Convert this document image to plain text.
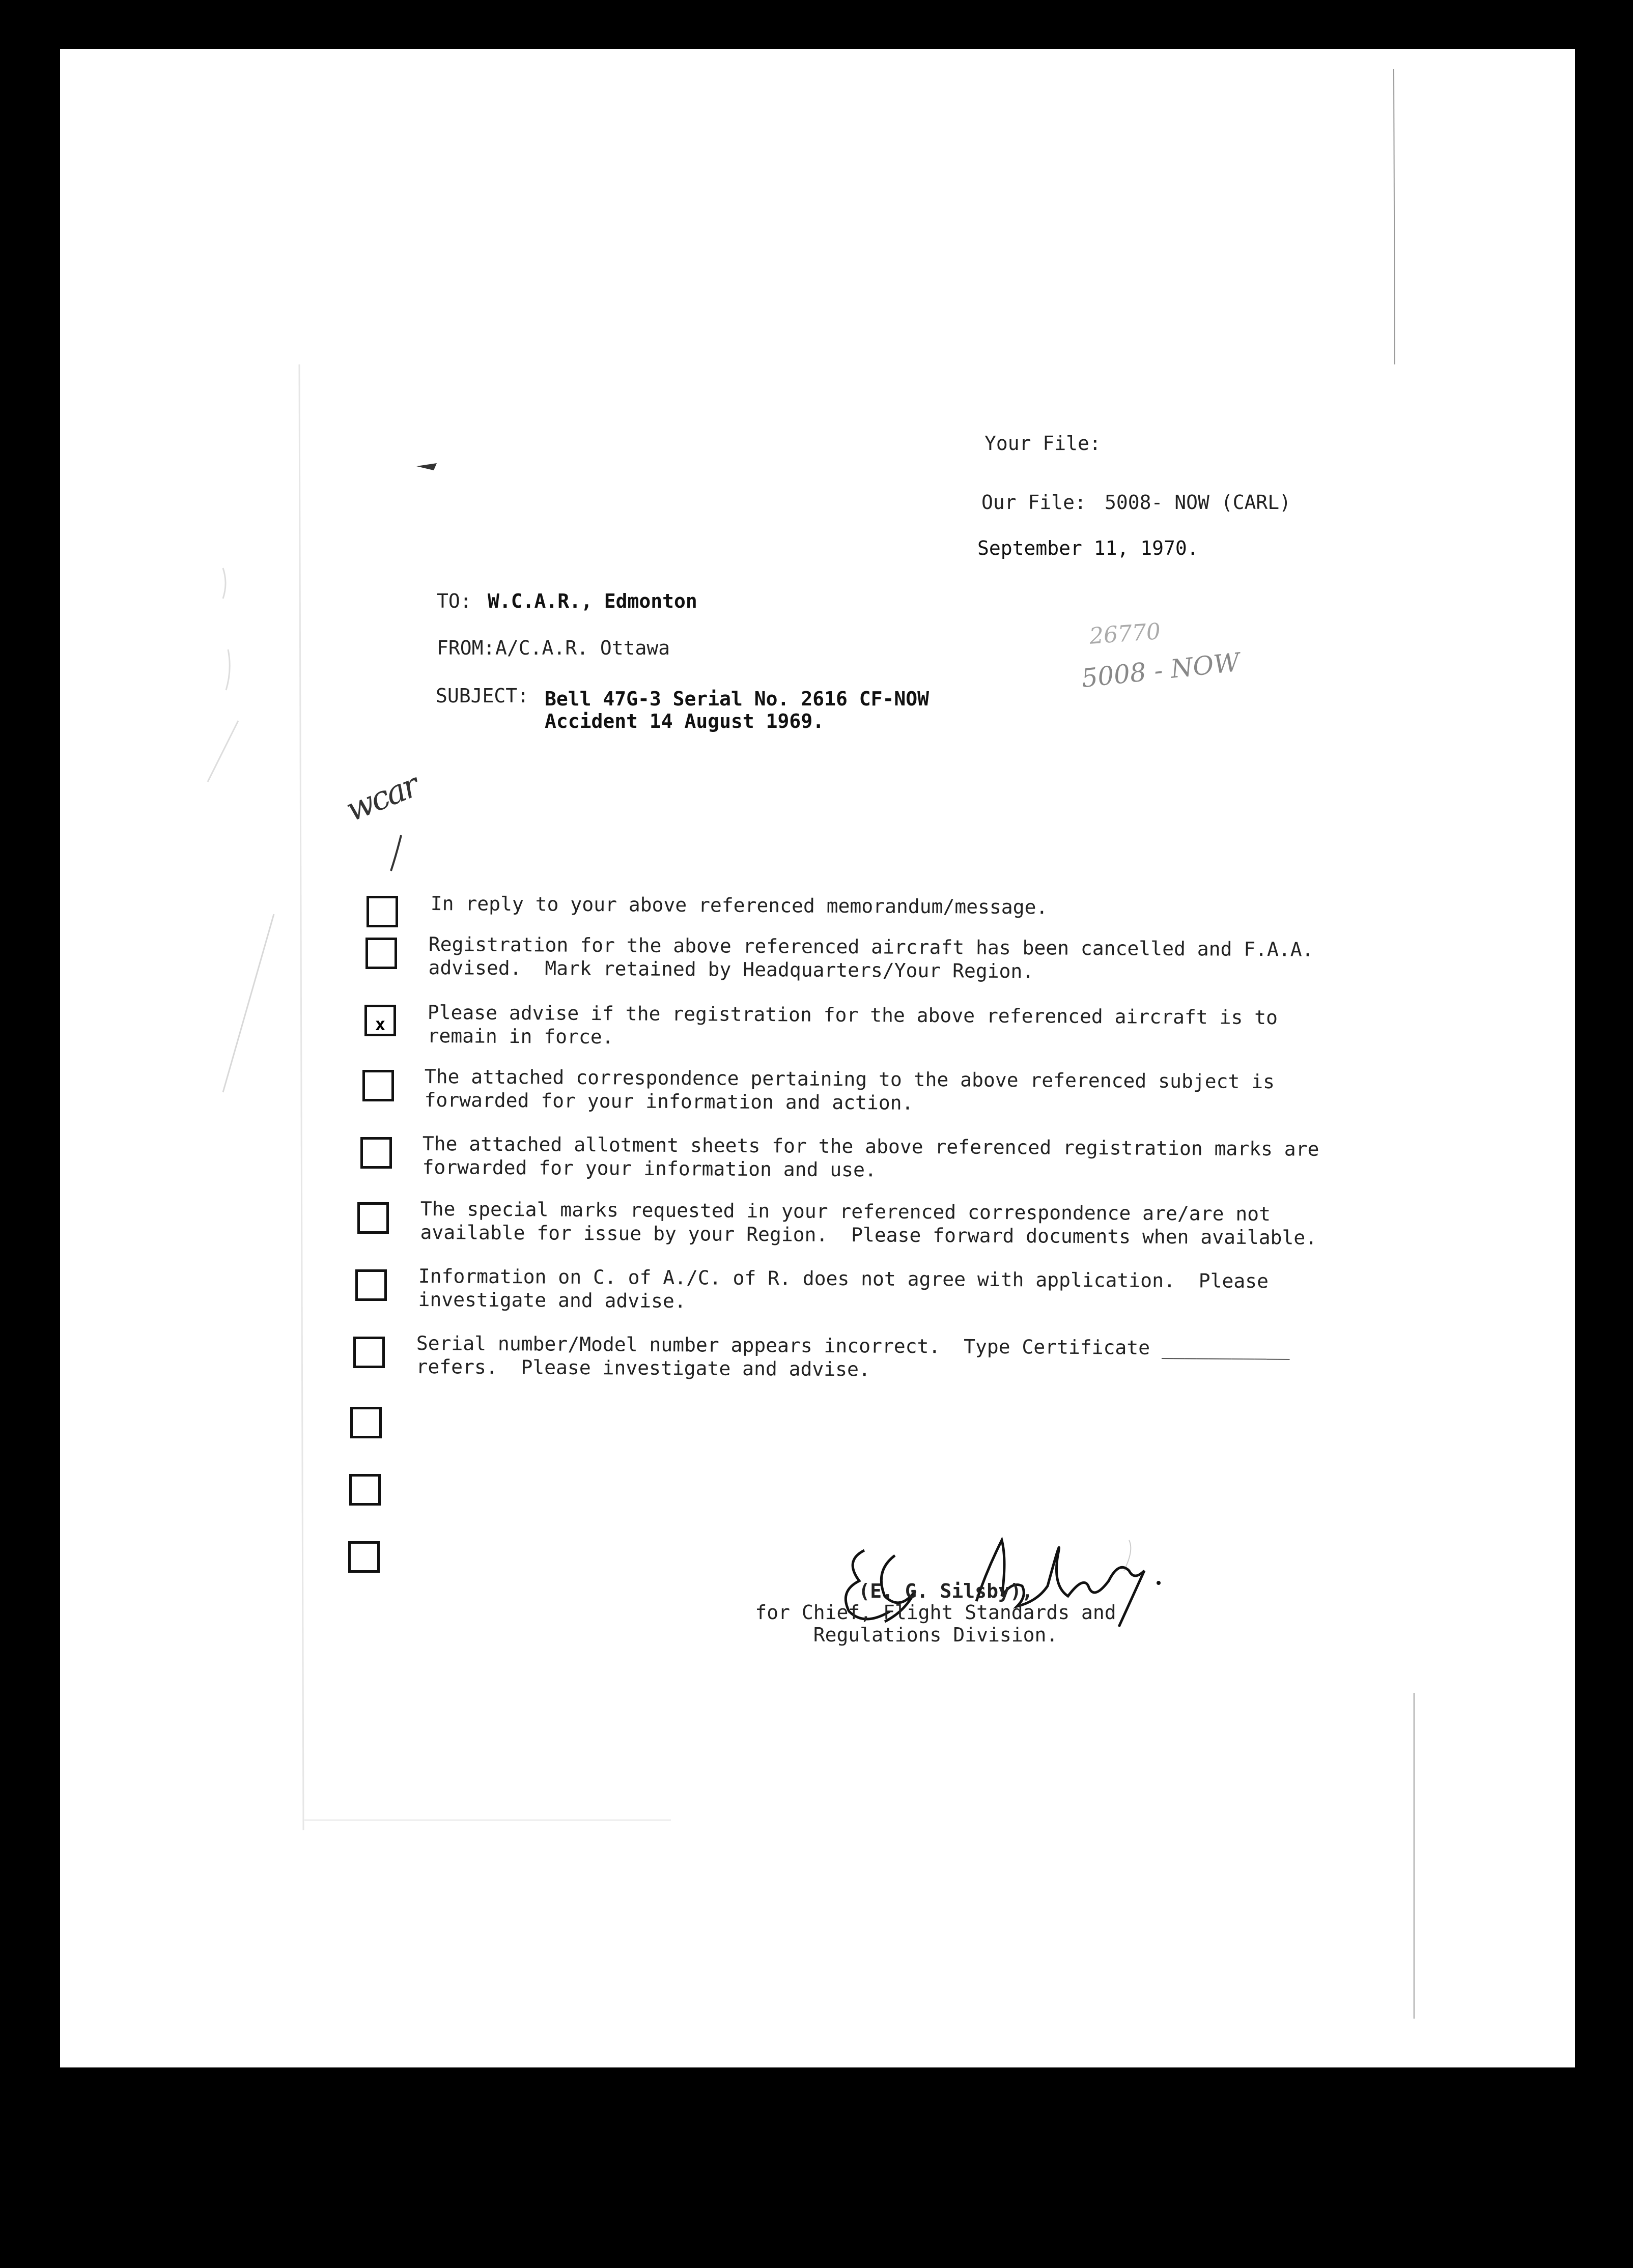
Your File:
Our File: 5008- NOW (CARL)
September 11, 1970.
26770
5008 - NOW
TO: W.C.A.R., Edmonton
FROM: A/C.A.R. Ottawa
SUBJECT: Bell 47G-3 Serial No. 2616 CF-NOW
Accident 14 August 1969.
wcar
In reply to your above referenced memorandum/message.
Registration for the above referenced aircraft has been cancelled and F.A.A.
advised.  Mark retained by Headquarters/Your Region.
x	Please advise if the registration for the above referenced aircraft is to
remain in force.
The attached correspondence pertaining to the above referenced subject is
forwarded for your information and action.
The attached allotment sheets for the above referenced registration marks are
forwarded for your information and use.
The special marks requested in your referenced correspondence are/are not
available for issue by your Region.  Please forward documents when available.
Information on C. of A./C. of R. does not agree with application.  Please
investigate and advise.
Serial number/Model number appears incorrect.  Type Certificate ___________
refers.  Please investigate and advise.
(E. G. Silsby),
for Chief, Flight Standards and
Regulations Division.
